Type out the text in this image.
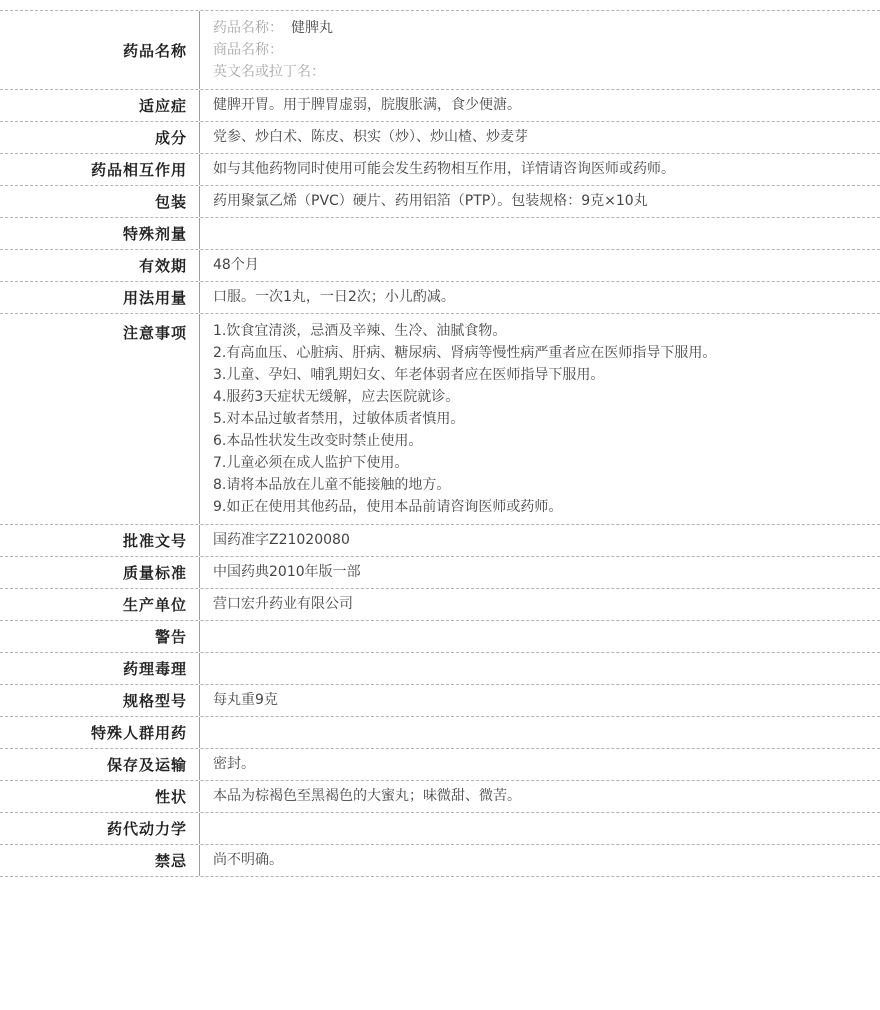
药品名称
药品名称： 健脾丸
商品名称：
英文名或拉丁名：
适应症	健脾开胃。用于脾胃虚弱，脘腹胀满，食少便溏。
成分	党参、炒白术、陈皮、枳实（炒）、炒山楂、炒麦芽
药品相互作用	如与其他药物同时使用可能会发生药物相互作用，详情请咨询医师或药师。
包装	药用聚氯乙烯（PVC）硬片、药用铝箔（PTP）。包装规格：9克×10丸
特殊剂量
有效期	48个月
用法用量	口服。一次1丸，一日2次；小儿酌减。
注意事项	1.饮食宜清淡，忌酒及辛辣、生冷、油腻食物。
2.有高血压、心脏病、肝病、糖尿病、肾病等慢性病严重者应在医师指导下服用。
3.儿童、孕妇、哺乳期妇女、年老体弱者应在医师指导下服用。
4.服药3天症状无缓解，应去医院就诊。
5.对本品过敏者禁用，过敏体质者慎用。
6.本品性状发生改变时禁止使用。
7.儿童必须在成人监护下使用。
8.请将本品放在儿童不能接触的地方。
9.如正在使用其他药品，使用本品前请咨询医师或药师。
批准文号	国药准字Z21020080
质量标准	中国药典2010年版一部
生产单位	营口宏升药业有限公司
警告
药理毒理
规格型号	每丸重9克
特殊人群用药
保存及运输	密封。
性状	本品为棕褐色至黑褐色的大蜜丸；味微甜、微苦。
药代动力学
禁忌	尚不明确。
